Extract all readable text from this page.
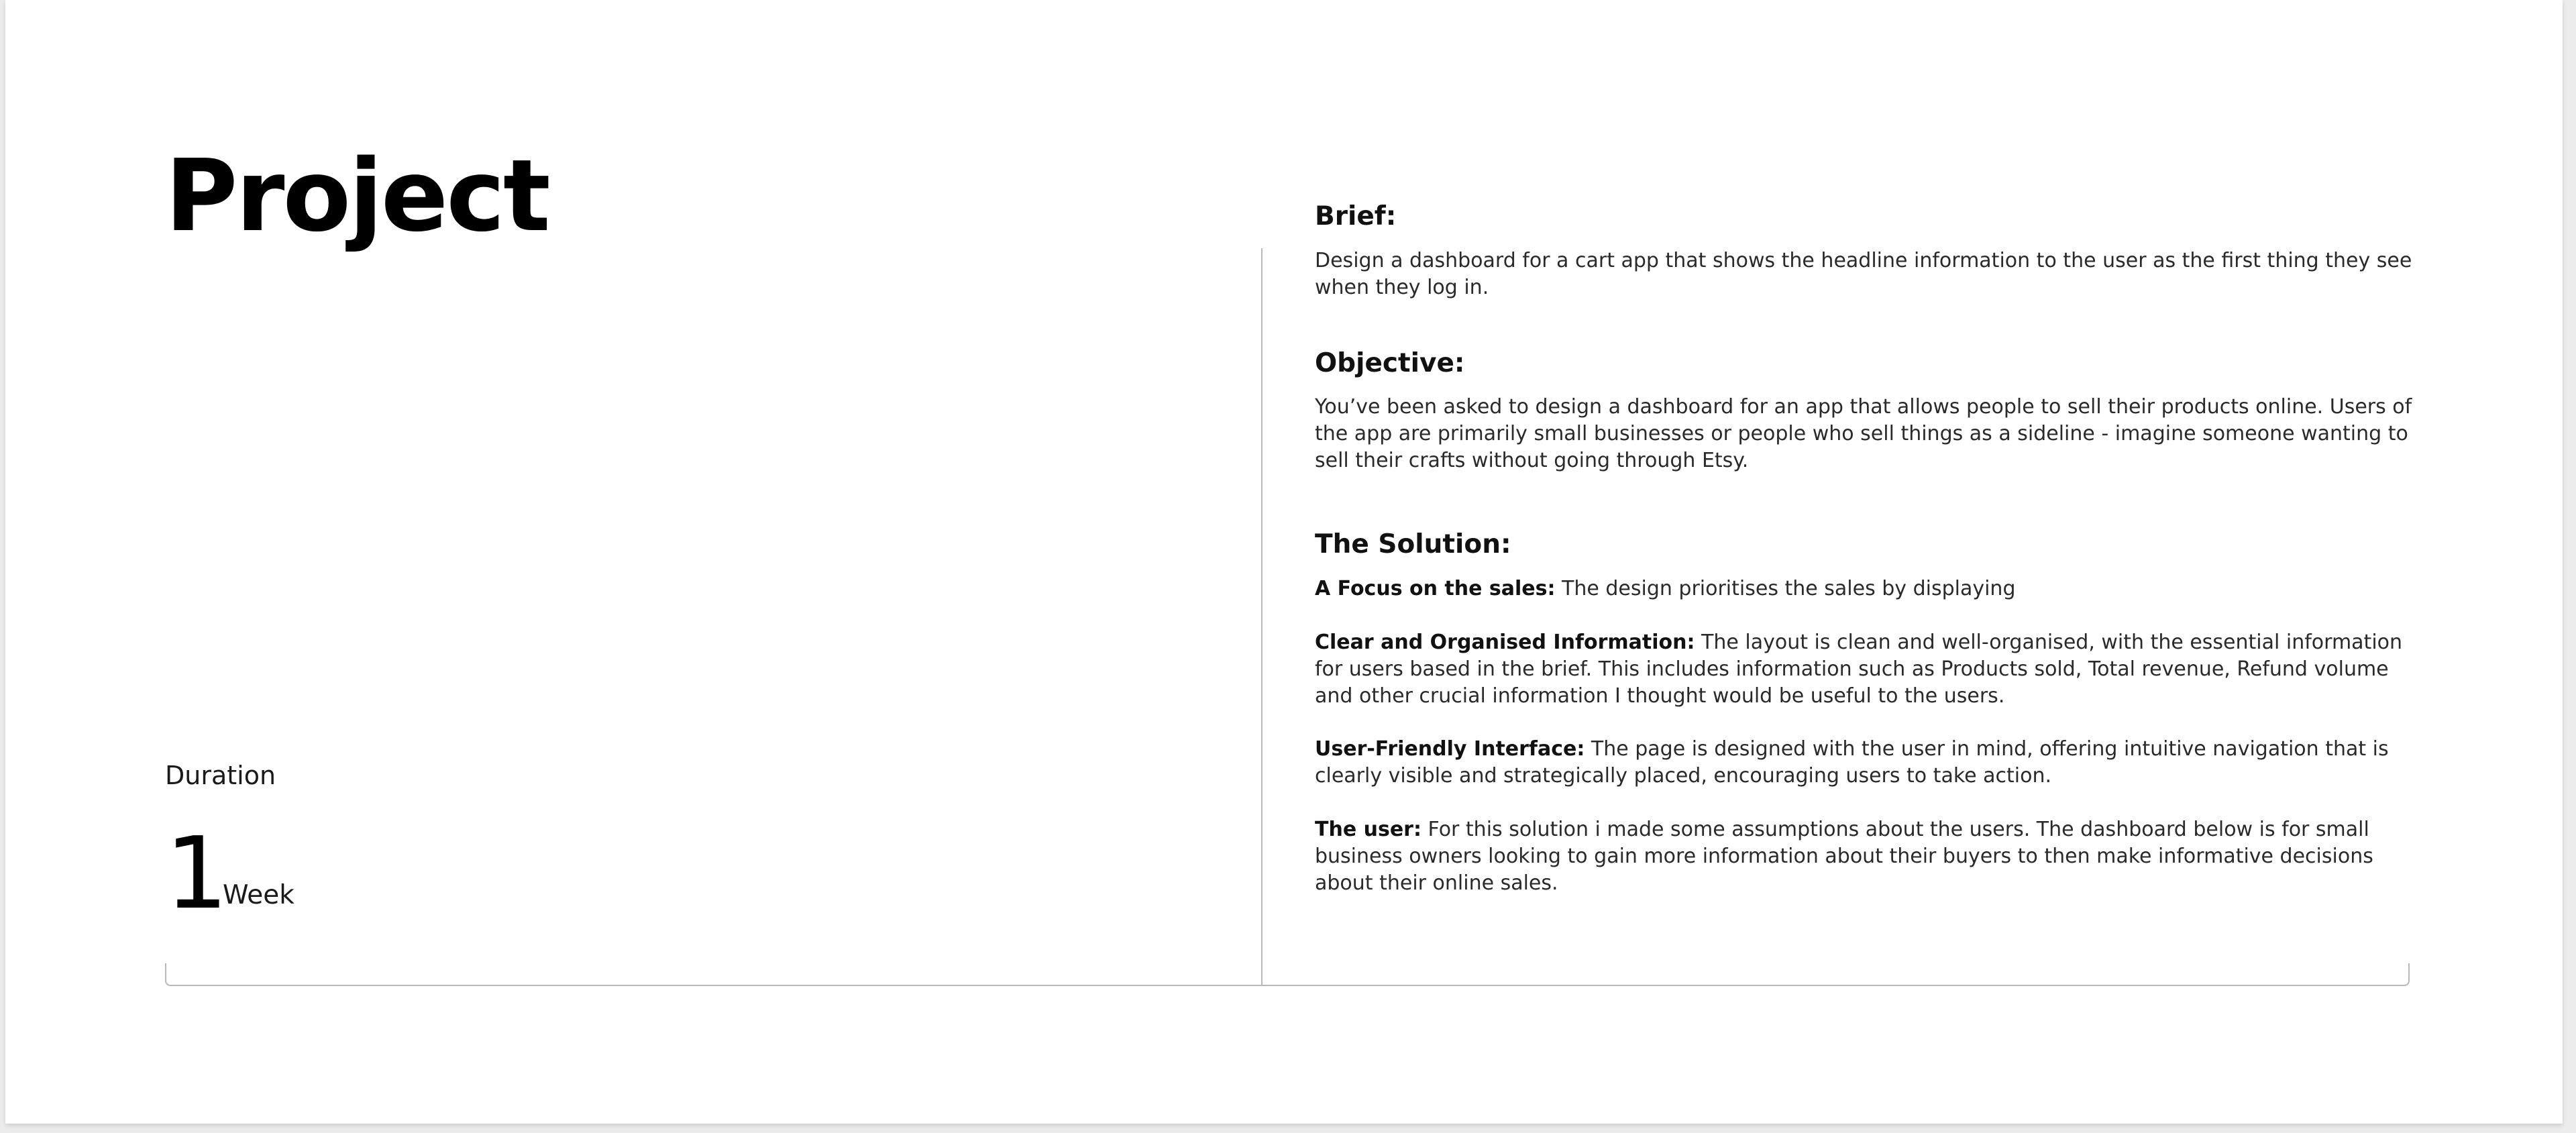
Project
Duration
1
Week
Brief:

Design a dashboard for a cart app that shows the headline information to the user as the first thing they see when they log in.

Objective:

You’ve been asked to design a dashboard for an app that allows people to sell their products online. Users of the app are primarily small businesses or people who sell things as a sideline - imagine someone wanting to sell their crafts without going through Etsy.

The Solution:

A Focus on the sales: The design prioritises the sales by displaying

Clear and Organised Information: The layout is clean and well-organised, with the essential information for users based in the brief. This includes information such as Products sold, Total revenue, Refund volume and other crucial information I thought would be useful to the users.

User-Friendly Interface: The page is designed with the user in mind, offering intuitive navigation that is clearly visible and strategically placed, encouraging users to take action.

The user: For this solution i made some assumptions about the users. The dashboard below is for small business owners looking to gain more information about their buyers to then make informative decisions about their online sales.
